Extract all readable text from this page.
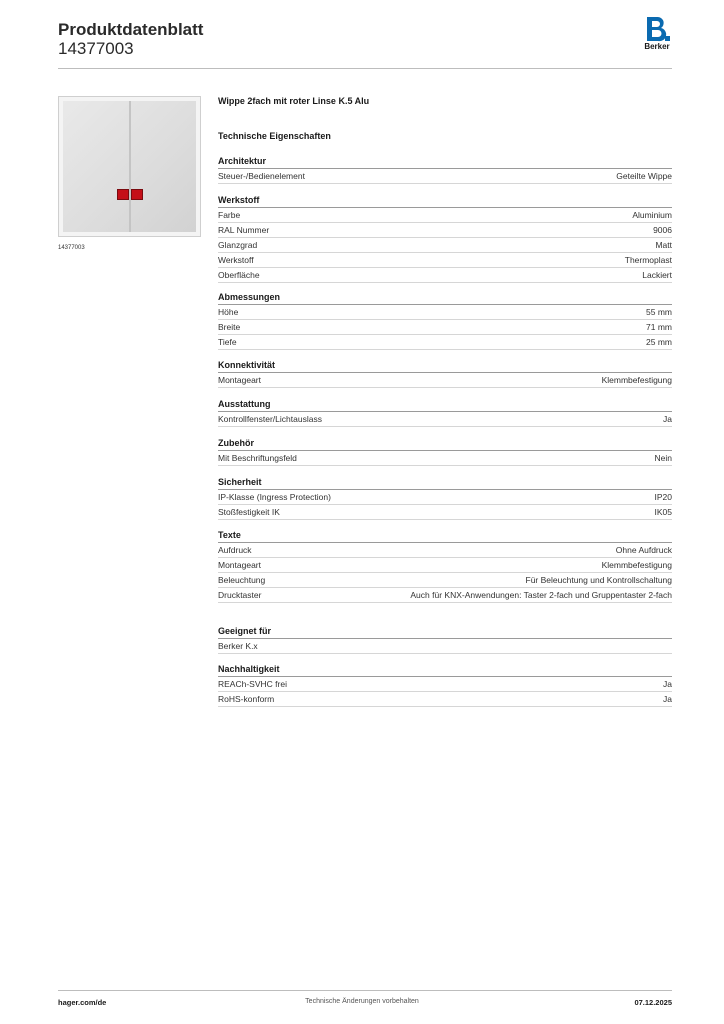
Produktdatenblatt
14377003	Berker
14377003
Wippe 2fach mit roter Linse K.5 Alu
Technische Eigenschaften
Architektur
Steuer-/Bedienelement	Geteilte Wippe
Werkstoff
Farbe	Aluminium
RAL Nummer	9006
Glanzgrad	Matt
Werkstoff	Thermoplast
Oberfläche	Lackiert
Abmessungen
Höhe	55 mm
Breite	71 mm
Tiefe	25 mm
Konnektivität
Montageart	Klemmbefestigung
Ausstattung
Kontrollfenster/Lichtauslass	Ja
Zubehör
Mit Beschriftungsfeld	Nein
Sicherheit
IP-Klasse (Ingress Protection)	IP20
Stoßfestigkeit IK	IK05
Texte
Aufdruck	Ohne Aufdruck
Montageart	Klemmbefestigung
Beleuchtung	Für Beleuchtung und Kontrollschaltung
Drucktaster	Auch für KNX-Anwendungen: Taster 2-fach und Gruppentaster 2-fach
Geeignet für
Berker K.x
Nachhaltigkeit
REACh-SVHC frei	Ja
RoHS-konform	Ja
hager.com/de	Technische Änderungen vorbehalten	07.12.2025
